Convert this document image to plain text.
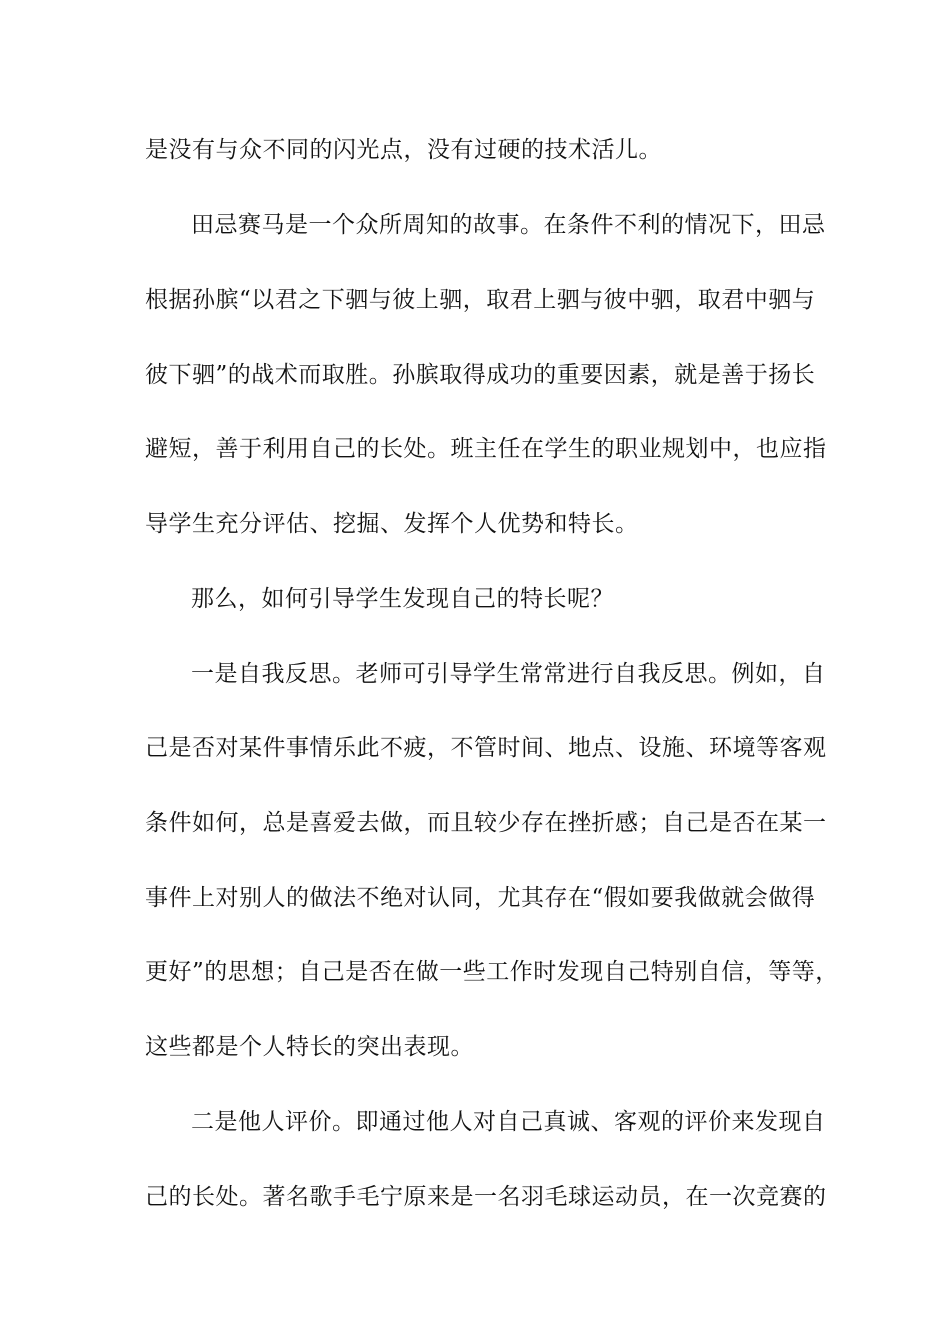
是没有与众不同的闪光点，没有过硬的技术活儿。
田忌赛马是一个众所周知的故事。在条件不利的情况下，田忌
根据孙膑“以君之下驷与彼上驷，取君上驷与彼中驷，取君中驷与
彼下驷”的战术而取胜。孙膑取得成功的重要因素，就是善于扬长
避短，善于利用自己的长处。班主任在学生的职业规划中，也应指
导学生充分评估、挖掘、发挥个人优势和特长。
那么，如何引导学生发现自己的特长呢？
一是自我反思。老师可引导学生常常进行自我反思。例如，自
己是否对某件事情乐此不疲，不管时间、地点、设施、环境等客观
条件如何，总是喜爱去做，而且较少存在挫折感；自己是否在某一
事件上对别人的做法不绝对认同，尤其存在“假如要我做就会做得
更好”的思想；自己是否在做一些工作时发现自己特别自信，等等，
这些都是个人特长的突出表现。
二是他人评价。即通过他人对自己真诚、客观的评价来发现自
己的长处。著名歌手毛宁原来是一名羽毛球运动员，在一次竞赛的
